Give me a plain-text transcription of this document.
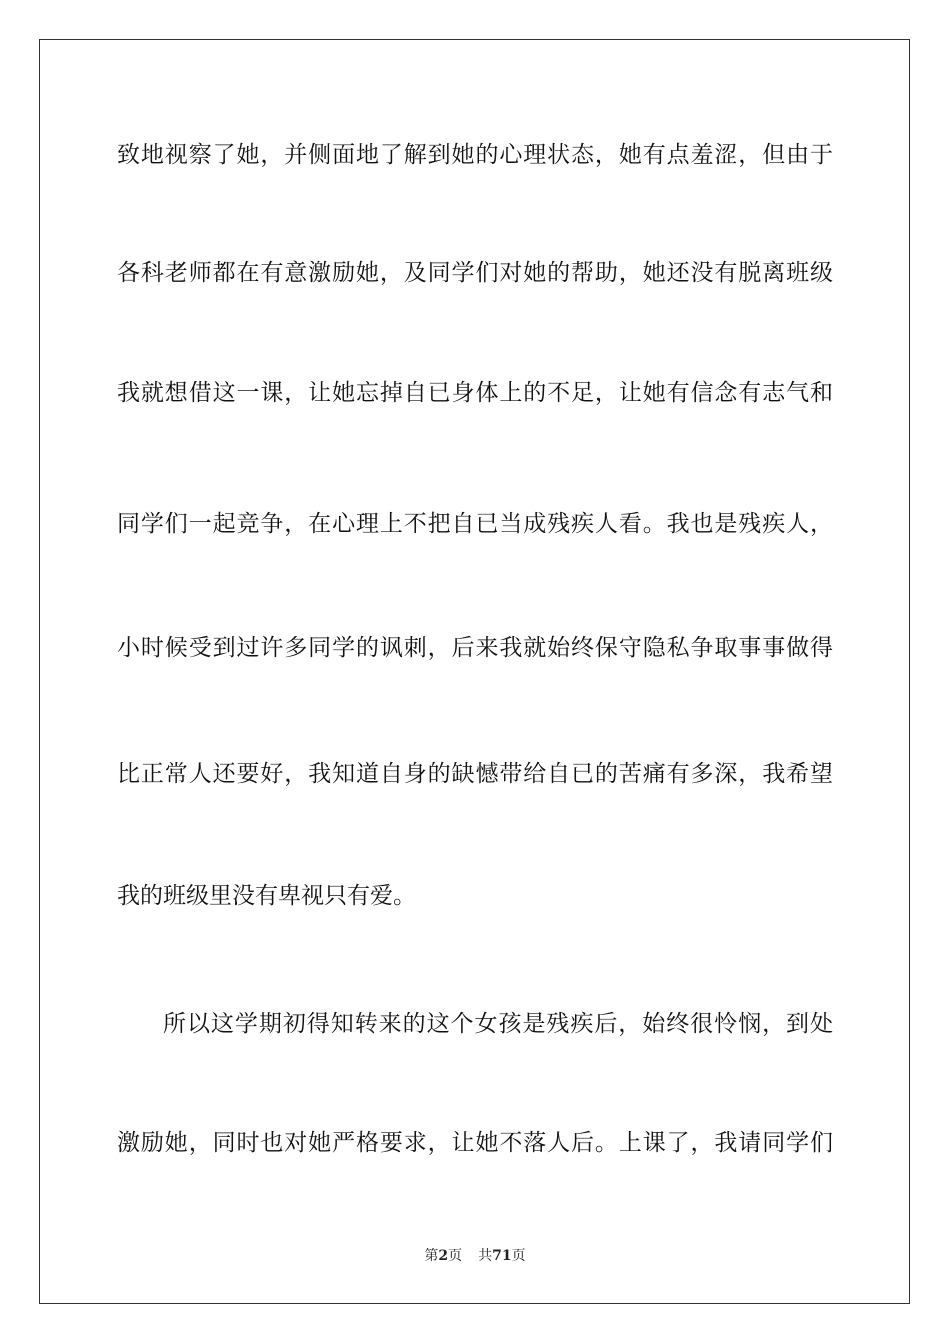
致地视察了她，并侧面地了解到她的心理状态，她有点羞涩，但由于
各科老师都在有意激励她，及同学们对她的帮助，她还没有脱离班级
我就想借这一课，让她忘掉自已身体上的不足，让她有信念有志气和
同学们一起竞争，在心理上不把自已当成残疾人看。我也是残疾人，
小时候受到过许多同学的讽刺，后来我就始终保守隐私争取事事做得
比正常人还要好，我知道自身的缺憾带给自已的苦痛有多深，我希望
我的班级里没有卑视只有爱。
所以这学期初得知转来的这个女孩是残疾后，始终很怜悯，到处
激励她，同时也对她严格要求，让她不落人后。上课了，我请同学们
第2页 共71页
